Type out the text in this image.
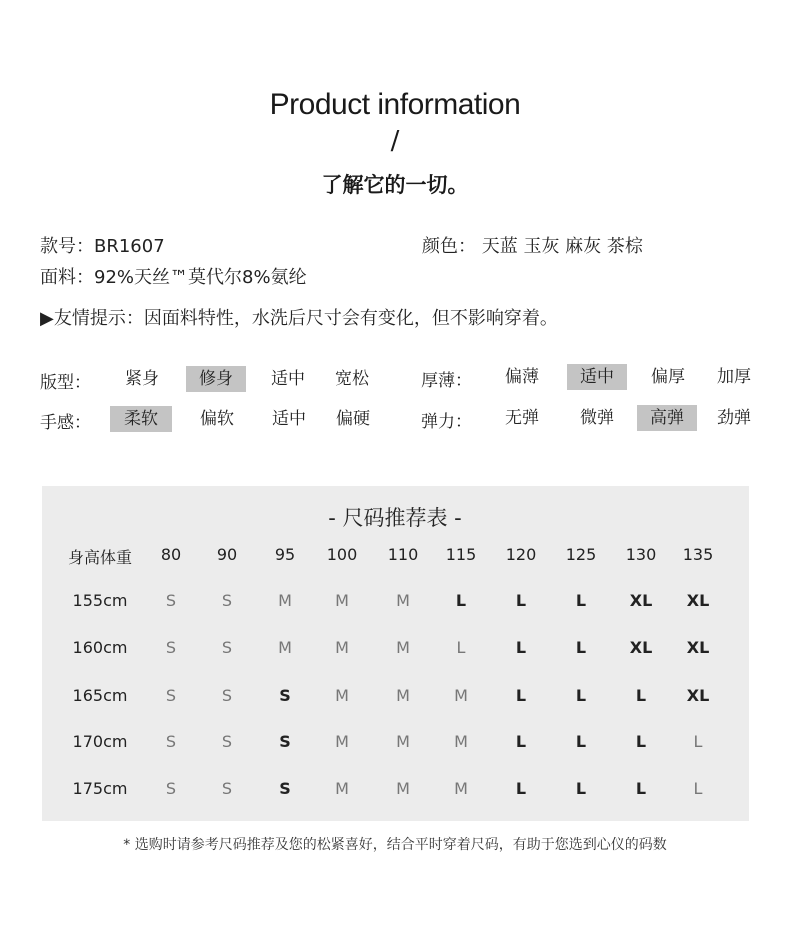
Product information
/
了解它的一切。
款号：BR1607	颜色： 天蓝 玉灰 麻灰 茶棕
面料：92%天丝™莫代尔8%氨纶
▶友情提示：因面料特性，水洗后尺寸会有变化，但不影响穿着。
版型：	紧身	修身	适中	宽松	厚薄：	偏薄	适中	偏厚	加厚
手感：	柔软	偏软	适中	偏硬	弹力：	无弹	微弹	高弹	劲弹
- 尺码推荐表 -
身高体重	80	90	95	100	110	115	120	125	130	135
155cm	S	S	M	M	M	L	L	L	XL	XL
160cm	S	S	M	M	M	L	L	L	XL	XL
165cm	S	S	S	M	M	M	L	L	L	XL
170cm	S	S	S	M	M	M	L	L	L	L
175cm	S	S	S	M	M	M	L	L	L	L
* 选购时请参考尺码推荐及您的松紧喜好，结合平时穿着尺码，有助于您选到心仪的码数
